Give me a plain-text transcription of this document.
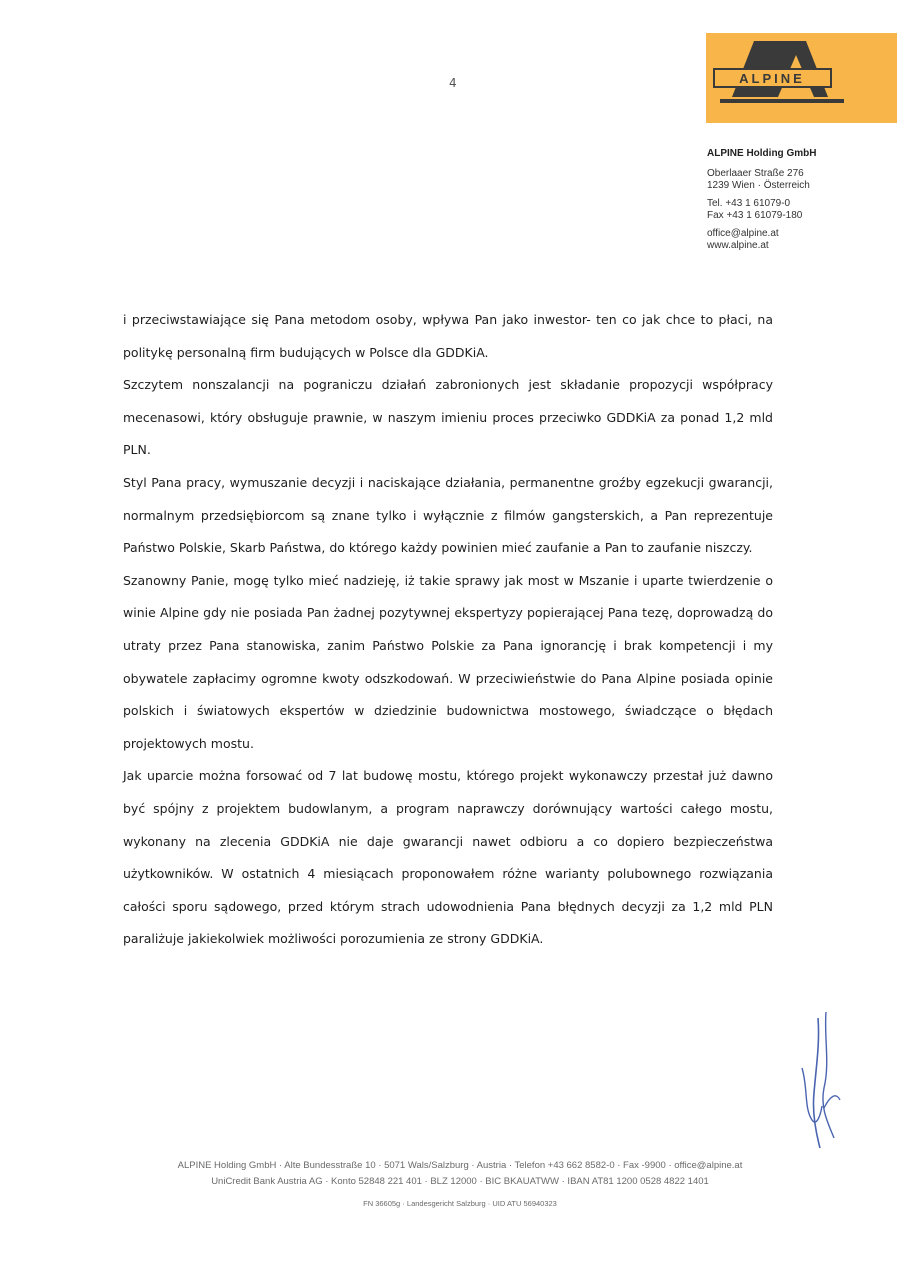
4	ALPINE
ALPINE Holding GmbH
Oberlaaer Straße 276
1239 Wien · Österreich
Tel. +43 1 61079-0
Fax +43 1 61079-180
office@alpine.at
www.alpine.at

i przeciwstawiające się Pana metodom osoby, wpływa Pan jako inwestor- ten co jak chce to płaci, na politykę personalną firm budujących w Polsce dla GDDKiA.

Szczytem nonszalancji na pograniczu działań zabronionych jest składanie propozycji współpracy mecenasowi, który obsługuje prawnie, w naszym imieniu proces przeciwko GDDKiA za ponad 1,2 mld PLN.

Styl Pana pracy, wymuszanie decyzji i naciskające działania, permanentne groźby egzekucji gwarancji, normalnym przedsiębiorcom są znane tylko i wyłącznie z filmów gangsterskich, a Pan reprezentuje Państwo Polskie, Skarb Państwa, do którego każdy powinien mieć zaufanie a Pan to zaufanie niszczy.

Szanowny Panie, mogę tylko mieć nadzieję, iż takie sprawy jak most w Mszanie i uparte twierdzenie o winie Alpine gdy nie posiada Pan żadnej pozytywnej ekspertyzy popierającej Pana tezę, doprowadzą do utraty przez Pana stanowiska, zanim Państwo Polskie za Pana ignorancję i brak kompetencji i my obywatele zapłacimy ogromne kwoty odszkodowań. W przeciwieństwie do Pana Alpine posiada opinie polskich i światowych ekspertów w dziedzinie budownictwa mostowego, świadczące o błędach projektowych mostu.

Jak uparcie można forsować od 7 lat budowę mostu, którego projekt wykonawczy przestał już dawno być spójny z projektem budowlanym, a program naprawczy dorównujący wartości całego mostu, wykonany na zlecenia GDDKiA nie daje gwarancji nawet odbioru a co dopiero bezpieczeństwa użytkowników. W ostatnich 4 miesiącach proponowałem różne warianty polubownego rozwiązania całości sporu sądowego, przed którym strach udowodnienia Pana błędnych decyzji za 1,2 mld PLN paraliżuje jakiekolwiek możliwości porozumienia ze strony GDDKiA.

ALPINE Holding GmbH · Alte Bundesstraße 10 · 5071 Wals/Salzburg · Austria · Telefon +43 662 8582-0 · Fax -9900 · office@alpine.at
UniCredit Bank Austria AG · Konto 52848 221 401 · BLZ 12000 · BIC BKAUATWW · IBAN AT81 1200 0528 4822 1401
FN 36605g · Landesgericht Salzburg · UID ATU 56940323
